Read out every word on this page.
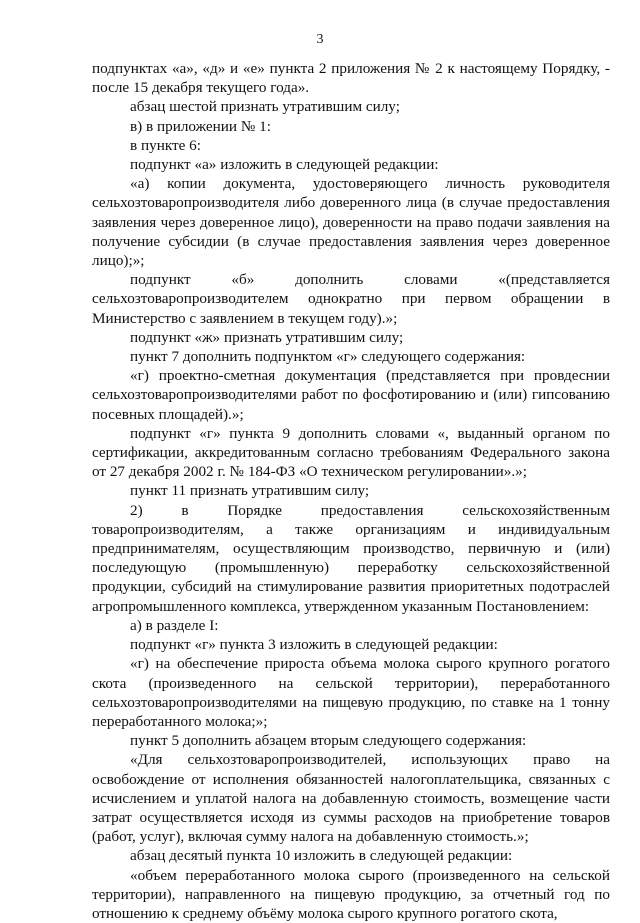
3

подпунктах «а», «д» и «е» пункта 2 приложения № 2 к настоящему Порядку, - после 15 декабря текущего года».

абзац шестой признать утратившим силу;

в) в приложении № 1:

в пункте 6:

подпункт «а» изложить в следующей редакции:

«а) копии документа, удостоверяющего личность руководителя сельхозтоваропроизводителя либо доверенного лица (в случае предоставления заявления через доверенное лицо), доверенности на право подачи заявления на получение субсидии (в случае предоставления заявления через доверенное лицо);»;

подпункт «б» дополнить словами «(представляется сельхозтоваропроизводителем однократно при первом обращении в Министерство с заявлением в текущем году).»;

подпункт «ж» признать утратившим силу;

пункт 7 дополнить подпунктом «г» следующего содержания:

«г) проектно-сметная документация (представляется при провдеснии сельхозтоваропроизводителями работ по фосфотированию и (или) гипсованию посевных площадей).»;

подпункт «г» пункта 9 дополнить словами «, выданный органом по сертификации, аккредитованным согласно требованиям Федерального закона от 27 декабря 2002 г. № 184-ФЗ «О техническом регулировании».»;

пункт 11 признать утратившим силу;

2) в Порядке предоставления сельскохозяйственным товаропроизводителям, а также организациям и индивидуальным предпринимателям, осуществляющим производство, первичную и (или) последующую (промышленную) переработку сельскохозяйственной продукции, субсидий на стимулирование развития приоритетных подотраслей агропромышленного комплекса, утвержденном указанным Постановлением:

а) в разделе I:

подпункт «г» пункта 3 изложить в следующей редакции:

«г) на обеспечение прироста объема молока сырого крупного рогатого скота (произведенного на сельской территории), переработанного сельхозтоваропроизводителями на пищевую продукцию, по ставке на 1 тонну переработанного молока;»;

пункт 5 дополнить абзацем вторым следующего содержания:

«Для сельхозтоваропроизводителей, использующих право на освобождение от исполнения обязанностей налогоплательщика, связанных с исчислением и уплатой налога на добавленную стоимость, возмещение части затрат осуществляется исходя из суммы расходов на приобретение товаров (работ, услуг), включая сумму налога на добавленную стоимость.»;

абзац десятый пункта 10 изложить в следующей редакции:

«объем переработанного молока сырого (произведенного на сельской территории), направленного на пищевую продукцию, за отчетный год по отношению к среднему объёму молока сырого крупного рогатого скота,
